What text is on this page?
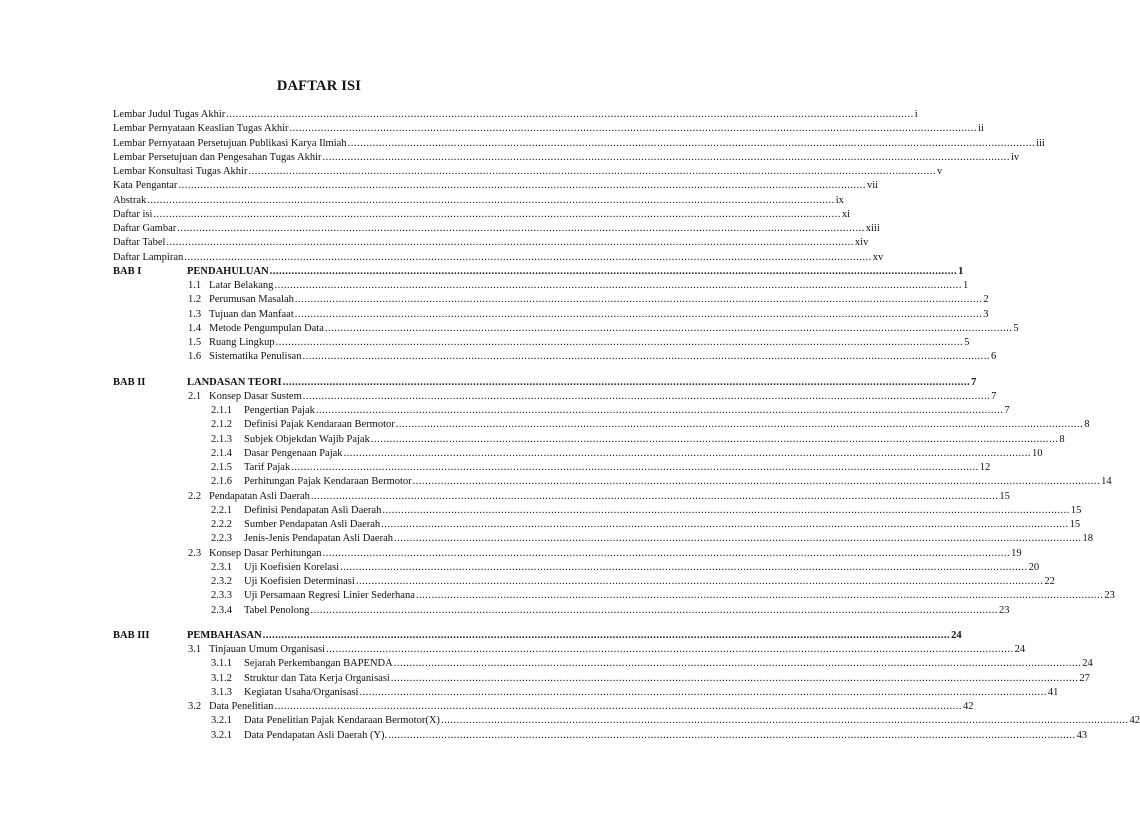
DAFTAR ISI
Lembar Judul Tugas Akhir ............................................................................................................................................................................................................................ i
Lembar Pernyataan Keaslian Tugas Akhir ............................................................................................................................................................................................................................ ii
Lembar Pernyataan Persetujuan Publikasi Karya Ilmiah ............................................................................................................................................................................................................................ iii
Lembar Persetujuan dan Pengesahan Tugas Akhir ............................................................................................................................................................................................................................ iv
Lembar Konsultasi Tugas Akhir ............................................................................................................................................................................................................................ v
Kata Pengantar ............................................................................................................................................................................................................................ vii
Abstrak ............................................................................................................................................................................................................................ ix
Daftar isi ............................................................................................................................................................................................................................ xi
Daftar Gambar ............................................................................................................................................................................................................................ xiii
Daftar Tabel ............................................................................................................................................................................................................................ xiv
Daftar Lampiran ............................................................................................................................................................................................................................ xv
PENDAHULUAN ............................................................................................................................................................................................................................ 1
BAB I
Latar Belakang ............................................................................................................................................................................................................................ 1
1.1
Perumusan Masalah ............................................................................................................................................................................................................................ 2
1.2
Tujuan dan Manfaat ............................................................................................................................................................................................................................ 3
1.3
Metode Pengumpulan Data ............................................................................................................................................................................................................................ 5
1.4
Ruang Lingkup ............................................................................................................................................................................................................................ 5
1.5
Sistematika Penulisan ............................................................................................................................................................................................................................ 6
1.6
LANDASAN TEORI ............................................................................................................................................................................................................................ 7
BAB II
Konsep Dasar Sustem ............................................................................................................................................................................................................................ 7
2.1
Pengertian Pajak ............................................................................................................................................................................................................................ 7
2.1.1
Definisi Pajak Kendaraan Bermotor ............................................................................................................................................................................................................................ 8
2.1.2
Subjek Objekdan Wajib Pajak ............................................................................................................................................................................................................................ 8
2.1.3
Dasar Pengenaan Pajak ............................................................................................................................................................................................................................ 10
2.1.4
Tarif Pajak ............................................................................................................................................................................................................................ 12
2.1.5
Perhitungan Pajak Kendaraan Bermotor ............................................................................................................................................................................................................................ 14
2.1.6
Pendapatan Asli Daerah ............................................................................................................................................................................................................................ 15
2.2
Definisi Pendapatan Asli Daerah ............................................................................................................................................................................................................................ 15
2.2.1
Sumber Pendapatan Asli Daerah ............................................................................................................................................................................................................................ 15
2.2.2
Jenis-Jenis Pendapatan Asli Daerah ............................................................................................................................................................................................................................ 18
2.2.3
Konsep Dasar Perhitungan ............................................................................................................................................................................................................................ 19
2.3
Uji Koefisien Korelasi ............................................................................................................................................................................................................................ 20
2.3.1
Uji Koefisien Determinasi ............................................................................................................................................................................................................................ 22
2.3.2
Uji Persamaan Regresi Linier Sederhana ............................................................................................................................................................................................................................ 23
2.3.3
Tabel Penolong ............................................................................................................................................................................................................................ 23
2.3.4
PEMBAHASAN ............................................................................................................................................................................................................................ 24
BAB III
Tinjauan Umum Organisasi ............................................................................................................................................................................................................................ 24
3.1
Sejarah Perkembangan BAPENDA ............................................................................................................................................................................................................................ 24
3.1.1
Struktur dan Tata Kerja Organisasi ............................................................................................................................................................................................................................ 27
3.1.2
Kegiatan Usaha/Organisasi ............................................................................................................................................................................................................................ 41
3.1.3
Data Penelitian ............................................................................................................................................................................................................................ 42
3.2
Data Penelitian Pajak Kendaraan Bermotor(X) ............................................................................................................................................................................................................................ 42
3.2.1
Data Pendapatan Asli Daerah (Y). ............................................................................................................................................................................................................................ 43
3.2.1
